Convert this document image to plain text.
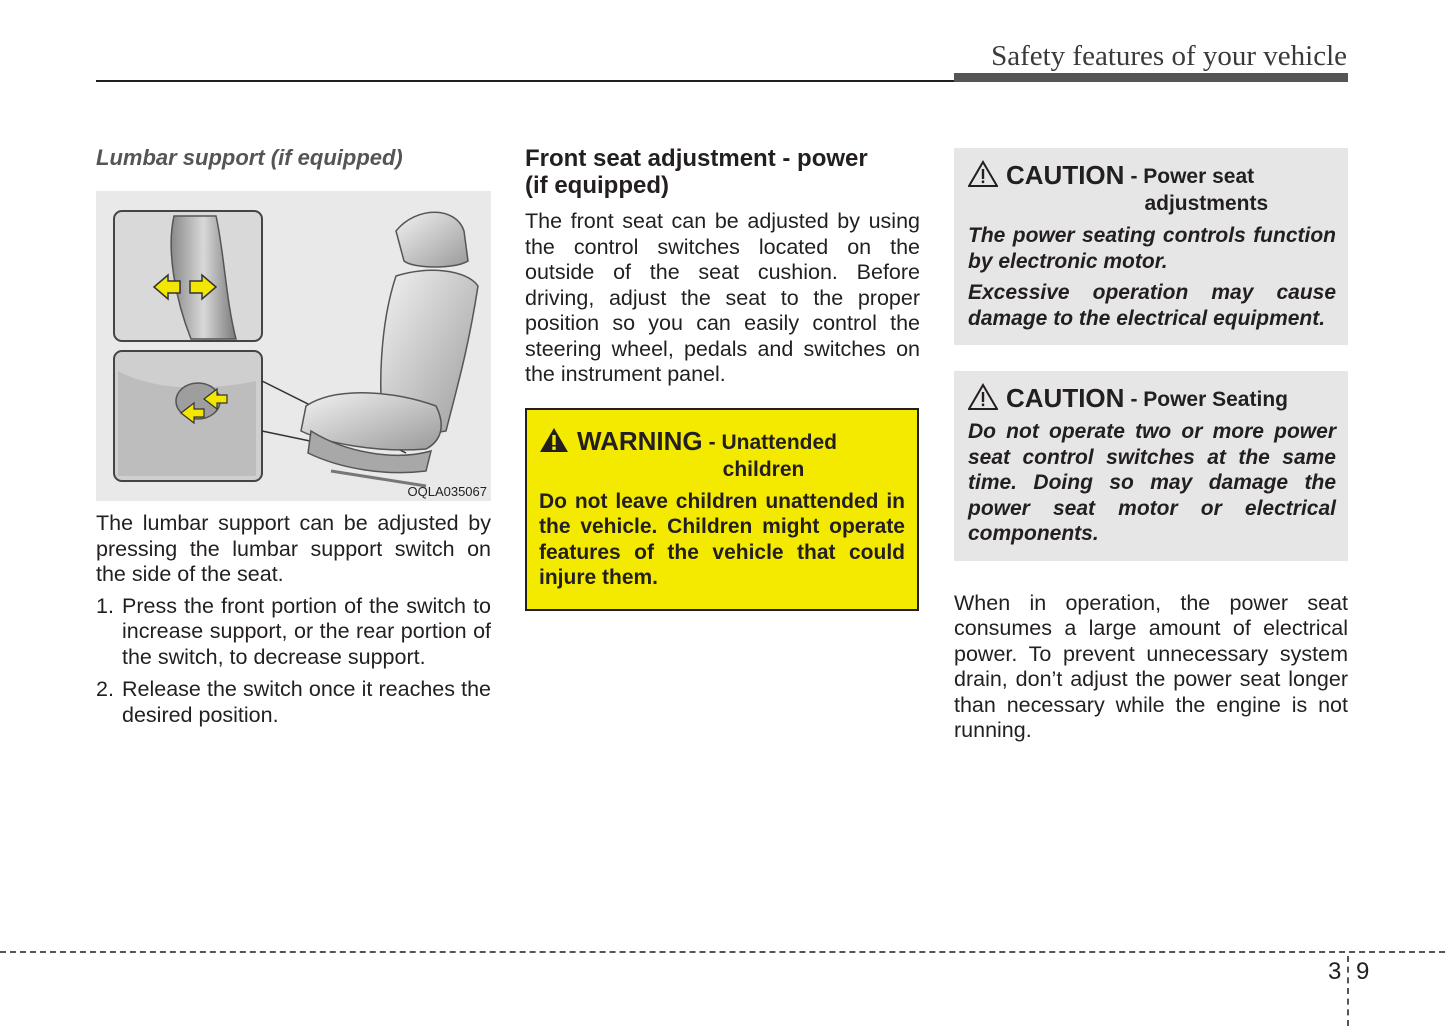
Safety features of your vehicle
Lumbar support (if equipped)
OQLA035067

The lumbar support can be adjusted by pressing the lumbar support switch on the side of the seat.

1. Press the front portion of the switch to increase support, or the rear portion of the switch, to decrease support.
2. Release the switch once it reaches the desired position.
Front seat adjustment - power
(if equipped)

The front seat can be adjusted by using the control switches located on the outside of the seat cushion. Before driving, adjust the seat to the proper position so you can easily control the steering wheel, pedals and switches on the instrument panel.

WARNING - Unattended
children
Do not leave children unattended in the vehicle. Children might operate features of the vehicle that could injure them.
CAUTION - Power seat
adjustments

The power seating controls function by electronic motor.

Excessive operation may cause damage to the electrical equipment.

CAUTION - Power Seating

Do not operate two or more power seat control switches at the same time. Doing so may damage the power seat motor or electrical components.

When in operation, the power seat consumes a large amount of electrical power. To prevent unnecessary system drain, don’t adjust the power seat longer than necessary while the engine is not running.

3 9
